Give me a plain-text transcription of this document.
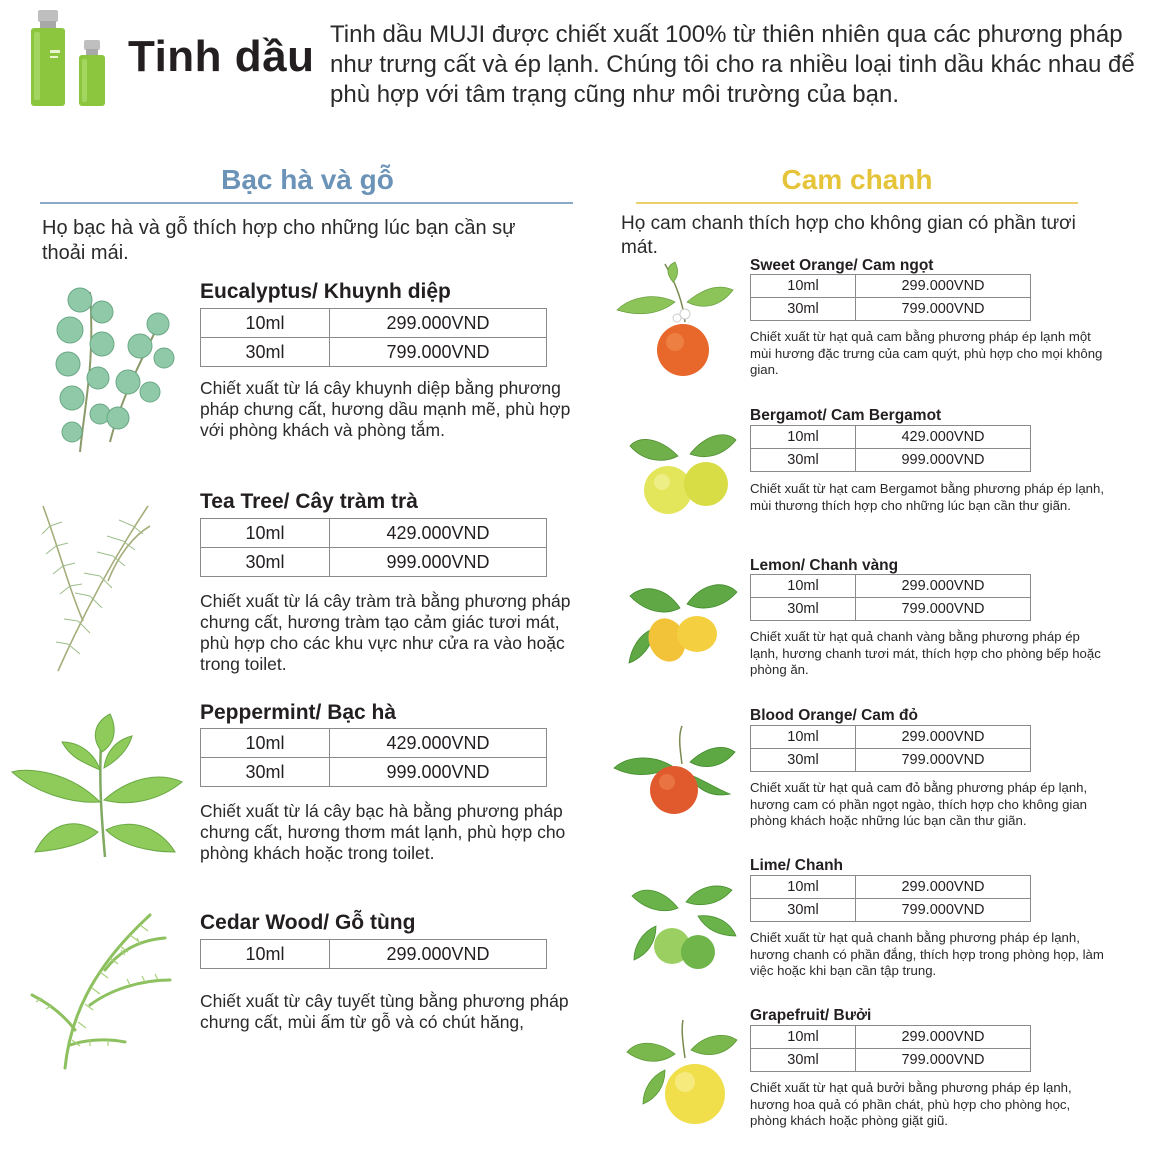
Tinh dầu Tinh dầu MUJI được chiết xuất 100% từ thiên nhiên qua các phương pháp như trưng cất và ép lạnh. Chúng tôi cho ra nhiều loại tinh dầu khác nhau để phù hợp với tâm trạng cũng như môi trường của bạn.
Bạc hà và gỗ
Họ bạc hà và gỗ thích hợp cho những lúc bạn cần sự thoải mái.
Cam chanh
Họ cam chanh thích hợp cho không gian có phần tươi mát.
Eucalyptus/ Khuynh diệp
10ml	299.000VND
30ml	799.000VND
Chiết xuất từ lá cây khuynh diệp bằng phương pháp chưng cất, hương dầu mạnh mẽ, phù hợp với phòng khách và phòng tắm.
Tea Tree/ Cây tràm trà
10ml	429.000VND
30ml	999.000VND
Chiết xuất từ lá cây tràm trà bằng phương pháp chưng cất, hương tràm tạo cảm giác tươi mát, phù hợp cho các khu vực như cửa ra vào hoặc trong toilet.
Peppermint/ Bạc hà
10ml	429.000VND
30ml	999.000VND
Chiết xuất từ lá cây bạc hà bằng phương pháp chưng cất, hương thơm mát lạnh, phù hợp cho phòng khách hoặc trong toilet.
Cedar Wood/ Gỗ tùng
10ml	299.000VND
Chiết xuất từ cây tuyết tùng bằng phương pháp chưng cất, mùi ấm từ gỗ và có chút hăng,
Sweet Orange/ Cam ngọt
10ml	299.000VND
30ml	799.000VND
Chiết xuất từ hạt quả cam bằng phương pháp ép lạnh một mùi hương đặc trưng của cam quýt, phù hợp cho mọi không gian.
Bergamot/ Cam Bergamot
10ml	429.000VND
30ml	999.000VND
Chiết xuất từ hạt cam Bergamot bằng phương pháp ép lạnh, mùi thương thích hợp cho những lúc bạn cần thư giãn.
Lemon/ Chanh vàng
10ml	299.000VND
30ml	799.000VND
Chiết xuất từ hạt quả chanh vàng bằng phương pháp ép lạnh, hương chanh tươi mát, thích hợp cho phòng bếp hoặc phòng ăn.
Blood Orange/ Cam đỏ
10ml	299.000VND
30ml	799.000VND
Chiết xuất từ hạt quả cam đỏ bằng phương pháp ép lạnh, hương cam có phần ngọt ngào, thích hợp cho không gian phòng khách hoặc những lúc bạn cần thư giãn.
Lime/ Chanh
10ml	299.000VND
30ml	799.000VND
Chiết xuất từ hạt quả chanh bằng phương pháp ép lạnh, hương chanh có phần đắng, thích hợp trong phòng họp, làm việc hoặc khi bạn cần tập trung.
Grapefruit/ Bưởi
10ml	299.000VND
30ml	799.000VND
Chiết xuất từ hạt quả bưởi bằng phương pháp ép lạnh, hương hoa quả có phần chát, phù hợp cho phòng học, phòng khách hoặc phòng giặt giũ.
